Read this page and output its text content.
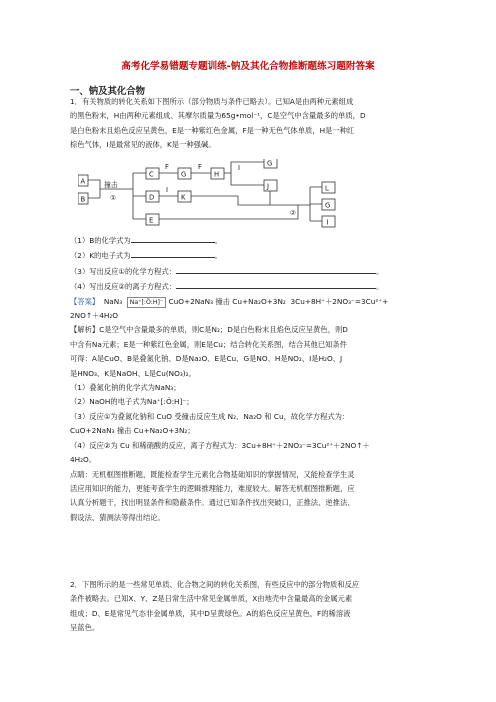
高考化学易错题专题训练-钠及其化合物推断题练习题附答案
一、钠及其化合物

1．有关物质的转化关系如下图所示（部分物质与条件已略去）。已知A是由两种元素组成

的黑色粉末，H由两种元素组成、其摩尔质量为65g•mol⁻¹，C是空气中含量最多的单质，D

是白色粉末且焰色反应呈黄色，E是一种紫红色金属，F是一种无色气体单质，H是一种红

棕色气体，I是最常见的液体，K是一种强碱。

A
B
撞击
①
C
D
E
F
G
I
K
F
H
I
G
J
②
L
G
I

（1）B的化学式为	。

（2）K的电子式为	。

（3）写出反应①的化学方程式：	。

（4）写出反应②的离子方程式：	。

【答案】 NaN₃ Na⁺[:Ö:H]⁻ CuO+2NaN₃ 撞击 Cu+Na₂O+3N₂ 3Cu+8H⁺＋2NO₃⁻=3Cu²⁺+

2NO↑＋4H₂O

【解析】C是空气中含量最多的单质，则C是N₂；D是白色粉末且焰色反应呈黄色，则D

中含有Na元素；E是一种紫红色金属，则E是Cu；结合转化关系图，结合其他已知条件

可得：A是CuO、B是叠氮化钠、D是Na₂O、E是Cu、G是NO、H是NO₂、I是H₂O、J

是HNO₃、K是NaOH、L是Cu(NO₃)₂。

（1）叠氮化钠的化学式为NaN₃；

（2）NaOH的电子式为Na⁺[:Ö:H]⁻；

（3）反应①为叠氮化钠和 CuO 受撞击反应生成 N₂、Na₂O 和 Cu，故化学方程式为：

CuO+2NaN₃ 撞击 Cu+Na₂O+3N₂；

（4）反应②为 Cu 和稀硝酸的反应，离子方程式为：3Cu+8H⁺＋2NO₃⁻=3Cu²⁺＋2NO↑＋

4H₂O。

点睛：无机框图推断题，既能检查学生元素化合物基础知识的掌握情况，又能检查学生灵

活应用知识的能力，更能考查学生的逻辑推理能力，难度较大。解答无机框图推断题，应

认真分析题干，找出明显条件和隐蔽条件。通过已知条件找出突破口，正推法、逆推法、

假设法、猜测法等得出结论。

2．下图所示的是一些常见单质、化合物之间的转化关系图，有些反应中的部分物质和反应

条件被略去。已知X、Y、Z是日常生活中常见金属单质，X由地壳中含量最高的金属元素

组成；D、E是常见气态非金属单质，其中D呈黄绿色。A的焰色反应呈黄色，F的稀溶液

呈蓝色。
